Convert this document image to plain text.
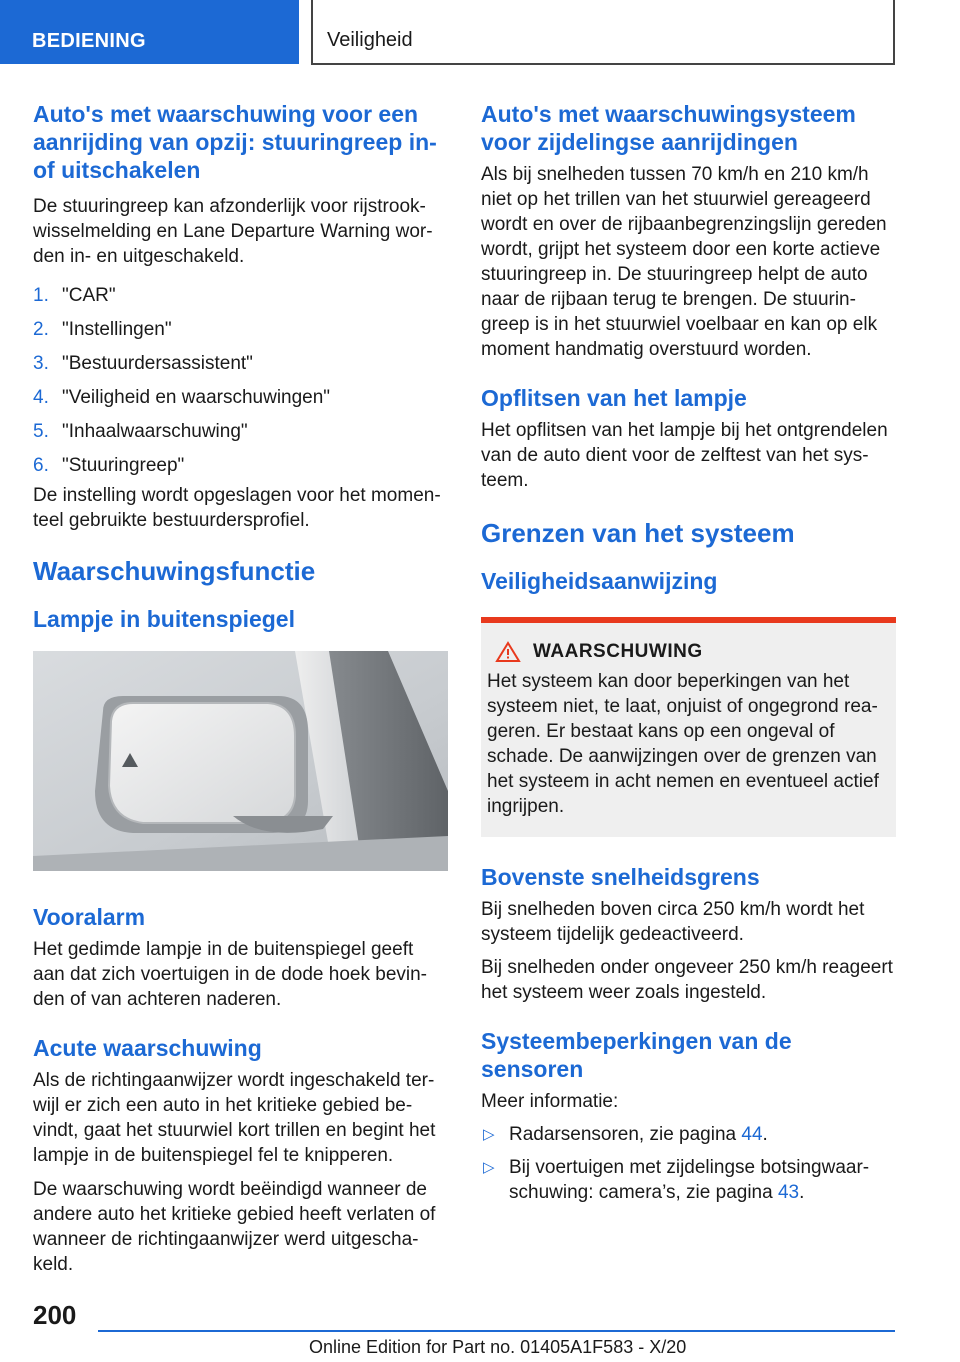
BEDIENING	Veiligheid
Auto's met waarschuwing voor een aanrijding van opzij: stuuringreep in- of uitschakelen

De stuuringreep kan afzonderlijk voor rijstrook-wisselmelding en Lane Departure Warning wor-den in- en uitgeschakeld.

1. "CAR"
2. "Instellingen"
3. "Bestuurdersassistent"
4. "Veiligheid en waarschuwingen"
5. "Inhaalwaarschuwing"
6. "Stuuringreep"

De instelling wordt opgeslagen voor het momen-teel gebruikte bestuurdersprofiel.

Waarschuwingsfunctie
Lampje in buitenspiegel
Vooralarm

Het gedimde lampje in de buitenspiegel geeft aan dat zich voertuigen in de dode hoek bevin-den of van achteren naderen.

Acute waarschuwing

Als de richtingaanwijzer wordt ingeschakeld ter-wijl er zich een auto in het kritieke gebied be-vindt, gaat het stuurwiel kort trillen en begint het lampje in de buitenspiegel fel te knipperen.

De waarschuwing wordt beëindigd wanneer de andere auto het kritieke gebied heeft verlaten of wanneer de richtingaanwijzer werd uitgescha-keld.

Auto's met waarschuwingsysteem voor zijdelingse aanrijdingen

Als bij snelheden tussen 70 km/h en 210 km/h niet op het trillen van het stuurwiel gereageerd wordt en over de rijbaanbegrenzingslijn gereden wordt, grijpt het systeem door een korte actieve stuuringreep in. De stuuringreep helpt de auto naar de rijbaan terug te brengen. De stuurin-greep is in het stuurwiel voelbaar en kan op elk moment handmatig overstuurd worden.

Opflitsen van het lampje

Het opflitsen van het lampje bij het ontgrendelen van de auto dient voor de zelftest van het sys-teem.

Grenzen van het systeem
Veiligheidsaanwijzing
WAARSCHUWING

Het systeem kan door beperkingen van het systeem niet, te laat, onjuist of ongegrond rea-geren. Er bestaat kans op een ongeval of schade. De aanwijzingen over de grenzen van het systeem in acht nemen en eventueel actief ingrijpen.

Bovenste snelheidsgrens

Bij snelheden boven circa 250 km/h wordt het systeem tijdelijk gedeactiveerd.

Bij snelheden onder ongeveer 250 km/h reageert het systeem weer zoals ingesteld.

Systeembeperkingen van de sensoren

Meer informatie:

▷ Radarsensoren, zie pagina 44.
▷ Bij voertuigen met zijdelingse botsingwaar-schuwing: camera’s, zie pagina 43.
200
Online Edition for Part no. 01405A1F583 - X/20
